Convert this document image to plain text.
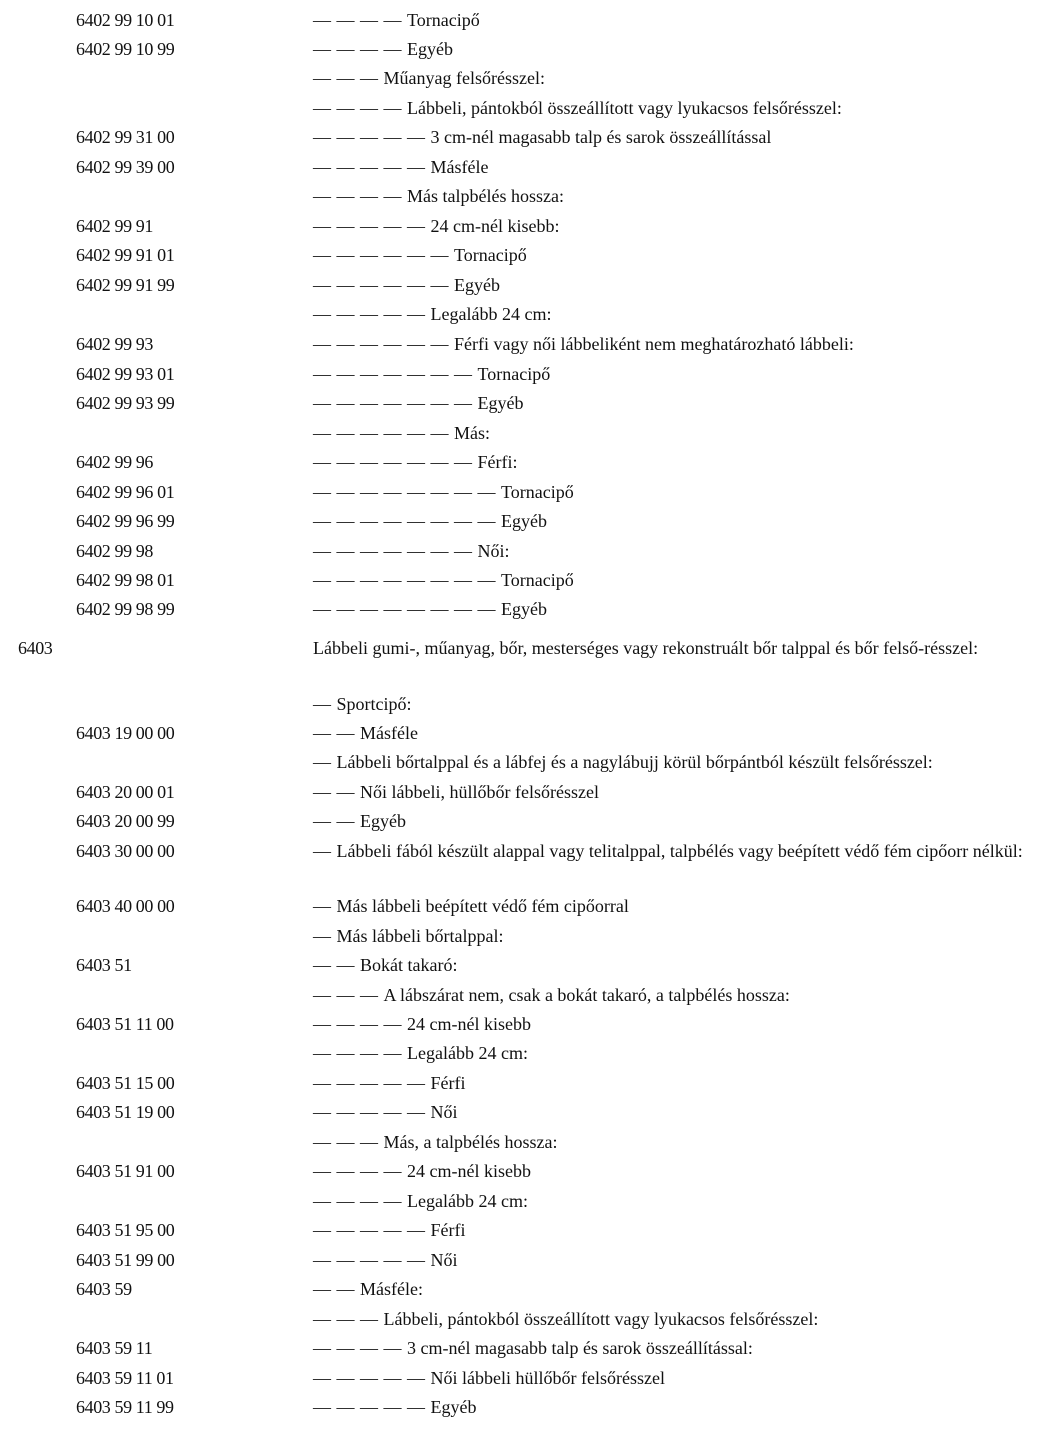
6402 99 10 01	— — — — Tornacipő
6402 99 10 99	— — — — Egyéb
— — — Műanyag felsőrésszel:
— — — — Lábbeli, pántokból összeállított vagy lyukacsos felsőrésszel:
6402 99 31 00	— — — — — 3 cm-nél magasabb talp és sarok összeállítással
6402 99 39 00	— — — — — Másféle
— — — — Más talpbélés hossza:
6402 99 91	— — — — — 24 cm-nél kisebb:
6402 99 91 01	— — — — — — Tornacipő
6402 99 91 99	— — — — — — Egyéb
— — — — — Legalább 24 cm:
6402 99 93	— — — — — — Férfi vagy női lábbeliként nem meghatározható lábbeli:
6402 99 93 01	— — — — — — — Tornacipő
6402 99 93 99	— — — — — — — Egyéb
— — — — — — Más:
6402 99 96	— — — — — — — Férfi:
6402 99 96 01	— — — — — — — — Tornacipő
6402 99 96 99	— — — — — — — — Egyéb
6402 99 98	— — — — — — — Női:
6402 99 98 01	— — — — — — — — Tornacipő
6402 99 98 99	— — — — — — — — Egyéb
6403	Lábbeli gumi-, műanyag, bőr, mesterséges vagy rekonstruált bőr talppal és bőr felső-résszel:
— Sportcipő:
6403 19 00 00	— — Másféle
— Lábbeli bőrtalppal és a lábfej és a nagylábujj körül bőrpántból készült felsőrésszel:
6403 20 00 01	— — Női lábbeli, hüllőbőr felsőrésszel
6403 20 00 99	— — Egyéb
6403 30 00 00	— Lábbeli fából készült alappal vagy telitalppal, talpbélés vagy beépített védő fém cipőorr nélkül:
6403 40 00 00	— Más lábbeli beépített védő fém cipőorral
— Más lábbeli bőrtalppal:
6403 51	— — Bokát takaró:
— — — A lábszárat nem, csak a bokát takaró, a talpbélés hossza:
6403 51 11 00	— — — — 24 cm-nél kisebb
— — — — Legalább 24 cm:
6403 51 15 00	— — — — — Férfi
6403 51 19 00	— — — — — Női
— — — Más, a talpbélés hossza:
6403 51 91 00	— — — — 24 cm-nél kisebb
— — — — Legalább 24 cm:
6403 51 95 00	— — — — — Férfi
6403 51 99 00	— — — — — Női
6403 59	— — Másféle:
— — — Lábbeli, pántokból összeállított vagy lyukacsos felsőrésszel:
6403 59 11	— — — — 3 cm-nél magasabb talp és sarok összeállítással:
6403 59 11 01	— — — — — Női lábbeli hüllőbőr felsőrésszel
6403 59 11 99	— — — — — Egyéb
